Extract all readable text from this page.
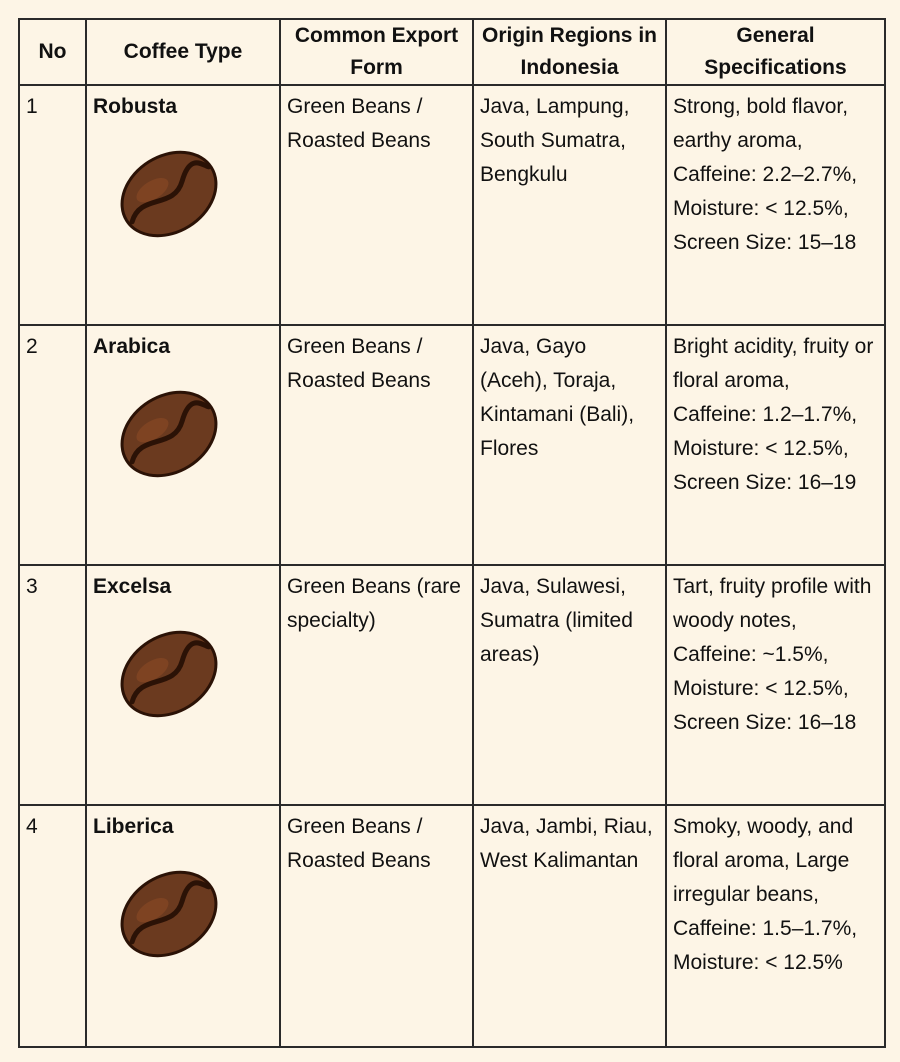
No	Coffee Type	Common Export Form	Origin Regions in Indonesia	General Specifications
1	Robusta	Green Beans / Roasted Beans	Java, Lampung, South Sumatra, Bengkulu	Strong, bold flavor, earthy aroma, Caffeine: 2.2–2.7%, Moisture: < 12.5%, Screen Size: 15–18
2	Arabica	Green Beans / Roasted Beans	Java, Gayo (Aceh), Toraja, Kintamani (Bali), Flores	Bright acidity, fruity or floral aroma, Caffeine: 1.2–1.7%, Moisture: < 12.5%, Screen Size: 16–19
3	Excelsa	Green Beans (rare specialty)	Java, Sulawesi, Sumatra (limited areas)	Tart, fruity profile with woody notes, Caffeine: ~1.5%, Moisture: < 12.5%, Screen Size: 16–18
4	Liberica	Green Beans / Roasted Beans	Java, Jambi, Riau, West Kalimantan	Smoky, woody, and floral aroma, Large irregular beans, Caffeine: 1.5–1.7%, Moisture: < 12.5%
